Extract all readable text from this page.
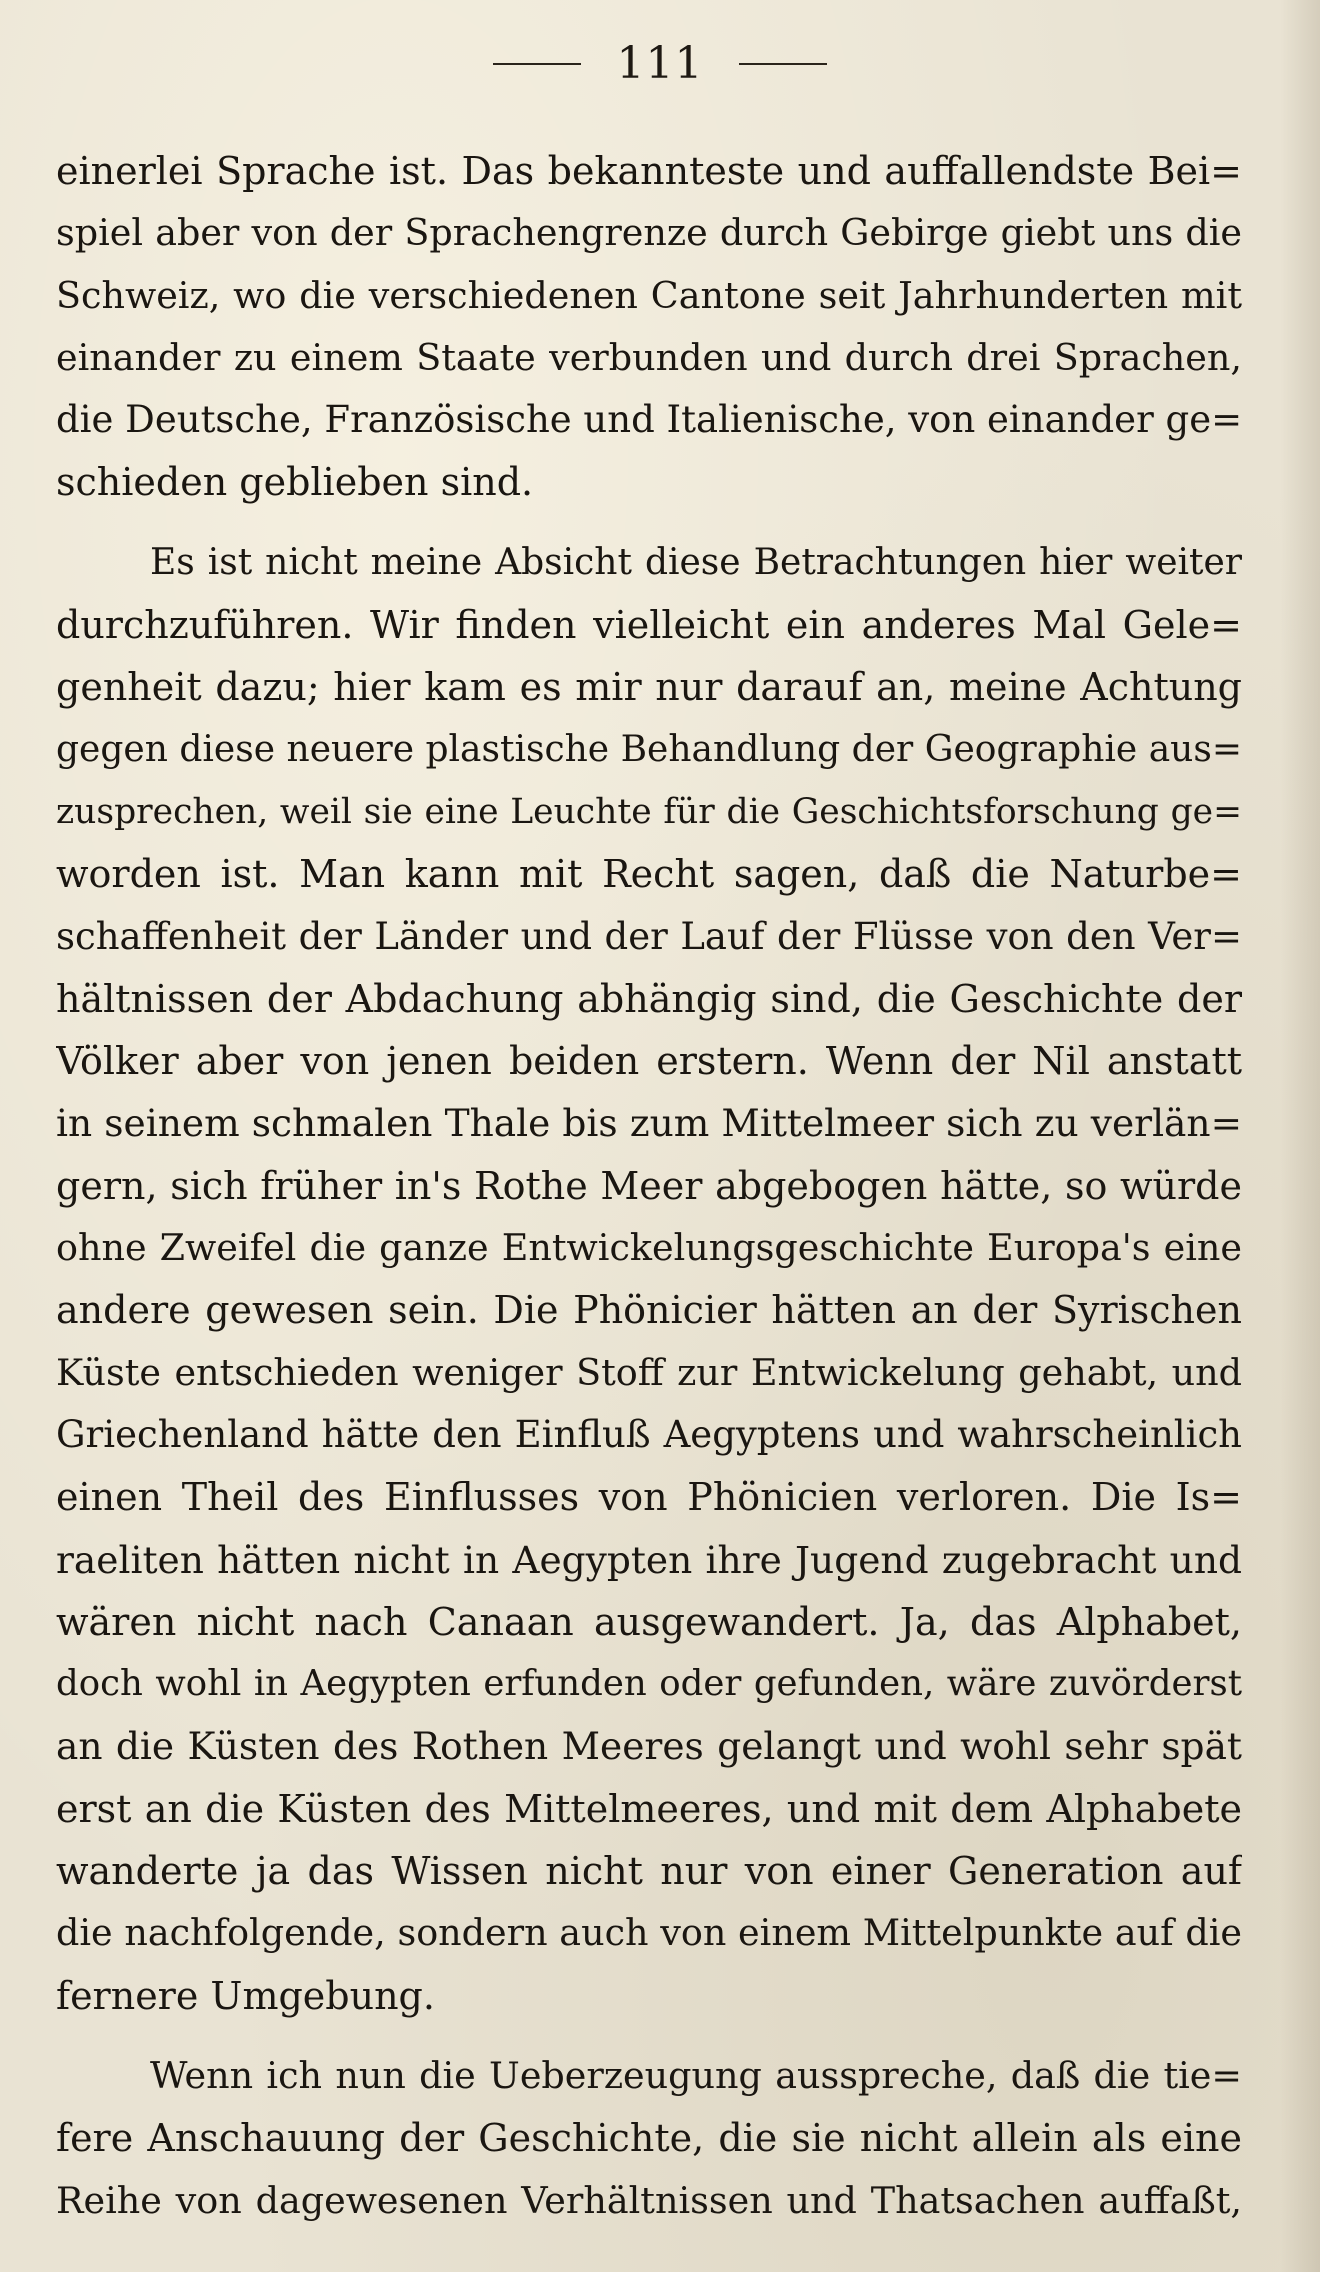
111
einerlei Sprache ist. Das bekannteste und auffallendste Bei=
spiel aber von der Sprachengrenze durch Gebirge giebt uns die
Schweiz, wo die verschiedenen Cantone seit Jahrhunderten mit
einander zu einem Staate verbunden und durch drei Sprachen,
die Deutsche, Französische und Italienische, von einander ge=
schieden geblieben sind.
Es ist nicht meine Absicht diese Betrachtungen hier weiter
durchzuführen. Wir finden vielleicht ein anderes Mal Gele=
genheit dazu; hier kam es mir nur darauf an, meine Achtung
gegen diese neuere plastische Behandlung der Geographie aus=
zusprechen, weil sie eine Leuchte für die Geschichtsforschung ge=
worden ist. Man kann mit Recht sagen, daß die Naturbe=
schaffenheit der Länder und der Lauf der Flüsse von den Ver=
hältnissen der Abdachung abhängig sind, die Geschichte der
Völker aber von jenen beiden erstern. Wenn der Nil anstatt
in seinem schmalen Thale bis zum Mittelmeer sich zu verlän=
gern, sich früher in's Rothe Meer abgebogen hätte, so würde
ohne Zweifel die ganze Entwickelungsgeschichte Europa's eine
andere gewesen sein. Die Phönicier hätten an der Syrischen
Küste entschieden weniger Stoff zur Entwickelung gehabt, und
Griechenland hätte den Einfluß Aegyptens und wahrscheinlich
einen Theil des Einflusses von Phönicien verloren. Die Is=
raeliten hätten nicht in Aegypten ihre Jugend zugebracht und
wären nicht nach Canaan ausgewandert. Ja, das Alphabet,
doch wohl in Aegypten erfunden oder gefunden, wäre zuvörderst
an die Küsten des Rothen Meeres gelangt und wohl sehr spät
erst an die Küsten des Mittelmeeres, und mit dem Alphabete
wanderte ja das Wissen nicht nur von einer Generation auf
die nachfolgende, sondern auch von einem Mittelpunkte auf die
fernere Umgebung.
Wenn ich nun die Ueberzeugung ausspreche, daß die tie=
fere Anschauung der Geschichte, die sie nicht allein als eine
Reihe von dagewesenen Verhältnissen und Thatsachen auffaßt,
